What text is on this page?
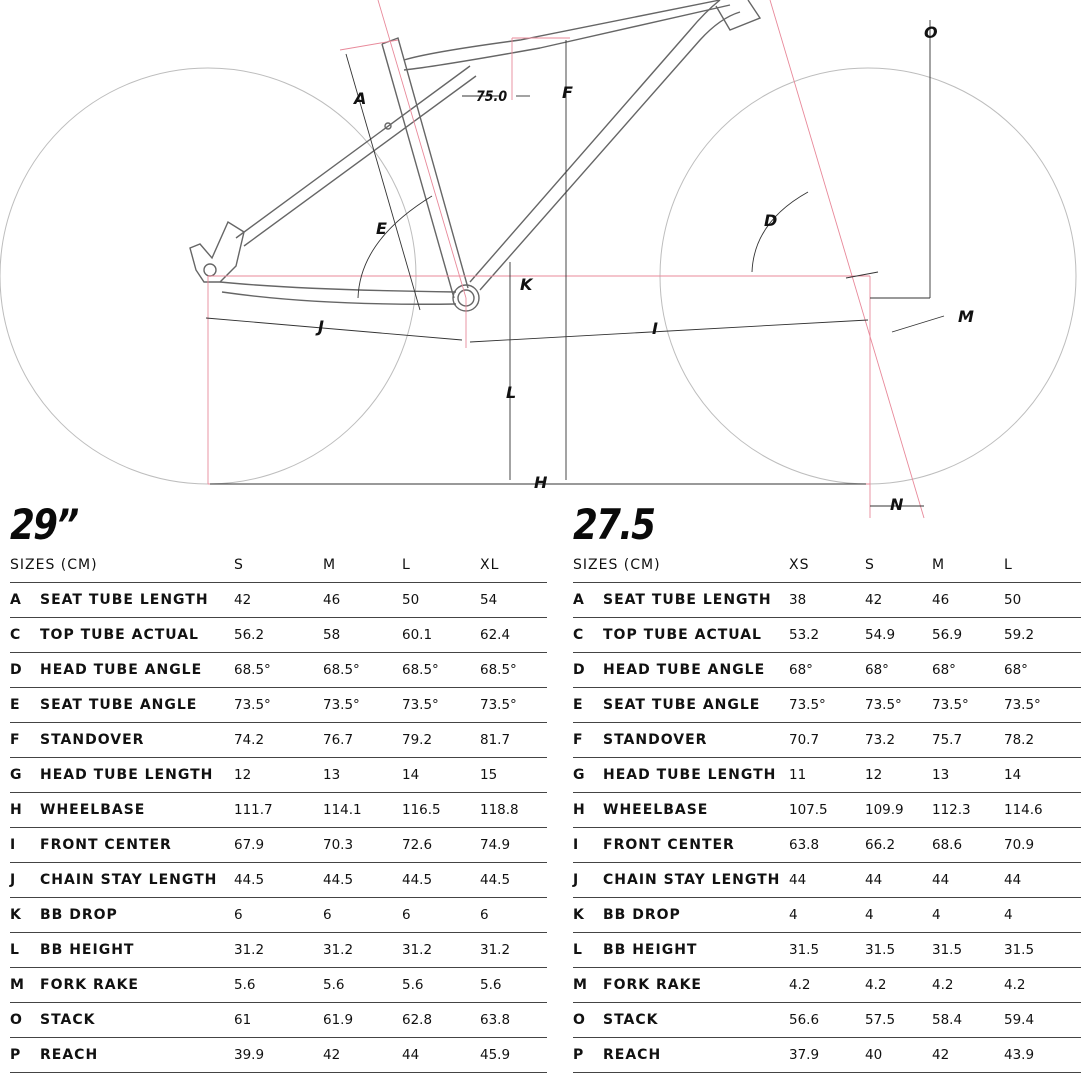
A	75.0	F
O
E	D
K
M
J	I
L
H
N
29”
SIZES (CM)		S	M	L	XL
A	SEAT TUBE LENGTH	42	46	50	54
C	TOP TUBE ACTUAL	56.2	58	60.1	62.4
D	HEAD TUBE ANGLE	68.5°	68.5°	68.5°	68.5°
E	SEAT TUBE ANGLE	73.5°	73.5°	73.5°	73.5°
F	STANDOVER	74.2	76.7	79.2	81.7
G	HEAD TUBE LENGTH	12	13	14	15
H	WHEELBASE	111.7	114.1	116.5	118.8
I	FRONT CENTER	67.9	70.3	72.6	74.9
J	CHAIN STAY LENGTH	44.5	44.5	44.5	44.5
K	BB DROP	6	6	6	6
L	BB HEIGHT	31.2	31.2	31.2	31.2
M	FORK RAKE	5.6	5.6	5.6	5.6
O	STACK	61	61.9	62.8	63.8
P	REACH	39.9	42	44	45.9
27.5
SIZES (CM)		XS	S	M	L
A	SEAT TUBE LENGTH	38	42	46	50
C	TOP TUBE ACTUAL	53.2	54.9	56.9	59.2
D	HEAD TUBE ANGLE	68°	68°	68°	68°
E	SEAT TUBE ANGLE	73.5°	73.5°	73.5°	73.5°
F	STANDOVER	70.7	73.2	75.7	78.2
G	HEAD TUBE LENGTH	11	12	13	14
H	WHEELBASE	107.5	109.9	112.3	114.6
I	FRONT CENTER	63.8	66.2	68.6	70.9
J	CHAIN STAY LENGTH	44	44	44	44
K	BB DROP	4	4	4	4
L	BB HEIGHT	31.5	31.5	31.5	31.5
M	FORK RAKE	4.2	4.2	4.2	4.2
O	STACK	56.6	57.5	58.4	59.4
P	REACH	37.9	40	42	43.9
